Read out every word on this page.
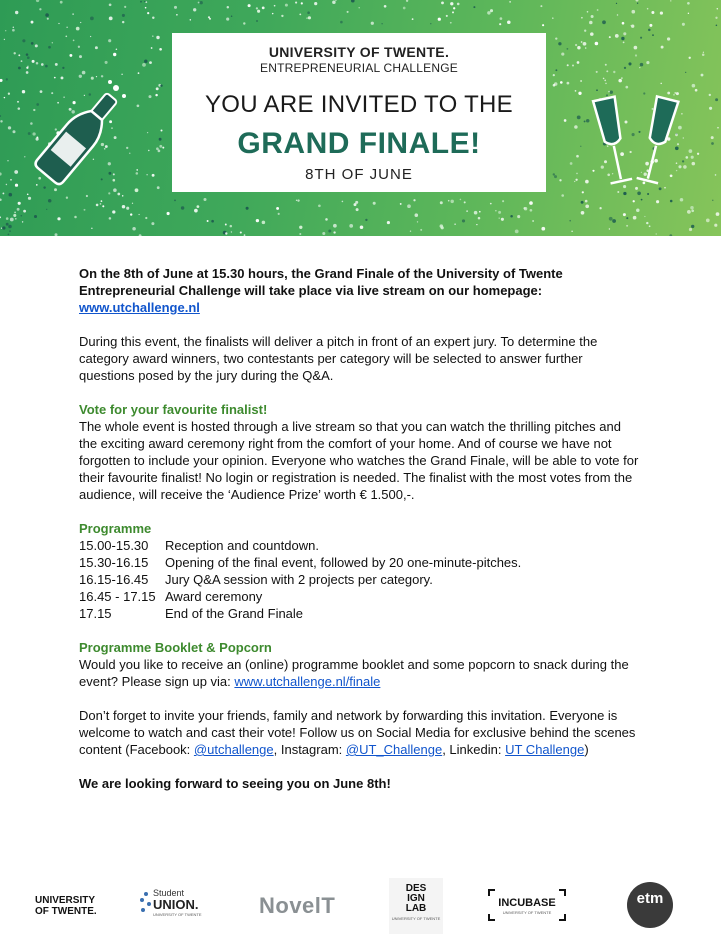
UNIVERSITY OF TWENTE.
ENTREPRENEURIAL CHALLENGE
YOU ARE INVITED TO THE
GRAND FINALE!
8TH OF JUNE

On the 8th of June at 15.30 hours, the Grand Finale of the University of Twente Entrepreneurial Challenge will take place via live stream on our homepage: www.utchallenge.nl

During this event, the finalists will deliver a pitch in front of an expert jury. To determine the category award winners, two contestants per category will be selected to answer further questions posed by the jury during the Q&A.

Vote for your favourite finalist!

The whole event is hosted through a live stream so that you can watch the thrilling pitches and the exciting award ceremony right from the comfort of your home. And of course we have not forgotten to include your opinion. Everyone who watches the Grand Finale, will be able to vote for their favourite finalist! No login or registration is needed. The finalist with the most votes from the audience, will receive the ‘Audience Prize’ worth € 1.500,-.

Programme

15.00-15.30	Reception and countdown.
15.30-16.15	Opening of the final event, followed by 20 one-minute-pitches.
16.15-16.45	Jury Q&A session with 2 projects per category.
16.45 - 17.15 Award ceremony
17.15	End of the Grand Finale

Programme Booklet & Popcorn

Would you like to receive an (online) programme booklet and some popcorn to snack during the event? Please sign up via: www.utchallenge.nl/finale

Don’t forget to invite your friends, family and network by forwarding this invitation. Everyone is welcome to watch and cast their vote! Follow us on Social Media for exclusive behind the scenes content (Facebook: @utchallenge, Instagram: @UT_Challenge, Linkedin: UT Challenge)

We are looking forward to seeing you on June 8th!

UNIVERSITY
OF TWENTE.
Student
UNION.
UNIVERSITY OF TWENTE	NovelT
DES
IGN
LAB
UNIVERSITY OF TWENTE
INCUBASE
UNIVERSITY OF TWENTE
etm
